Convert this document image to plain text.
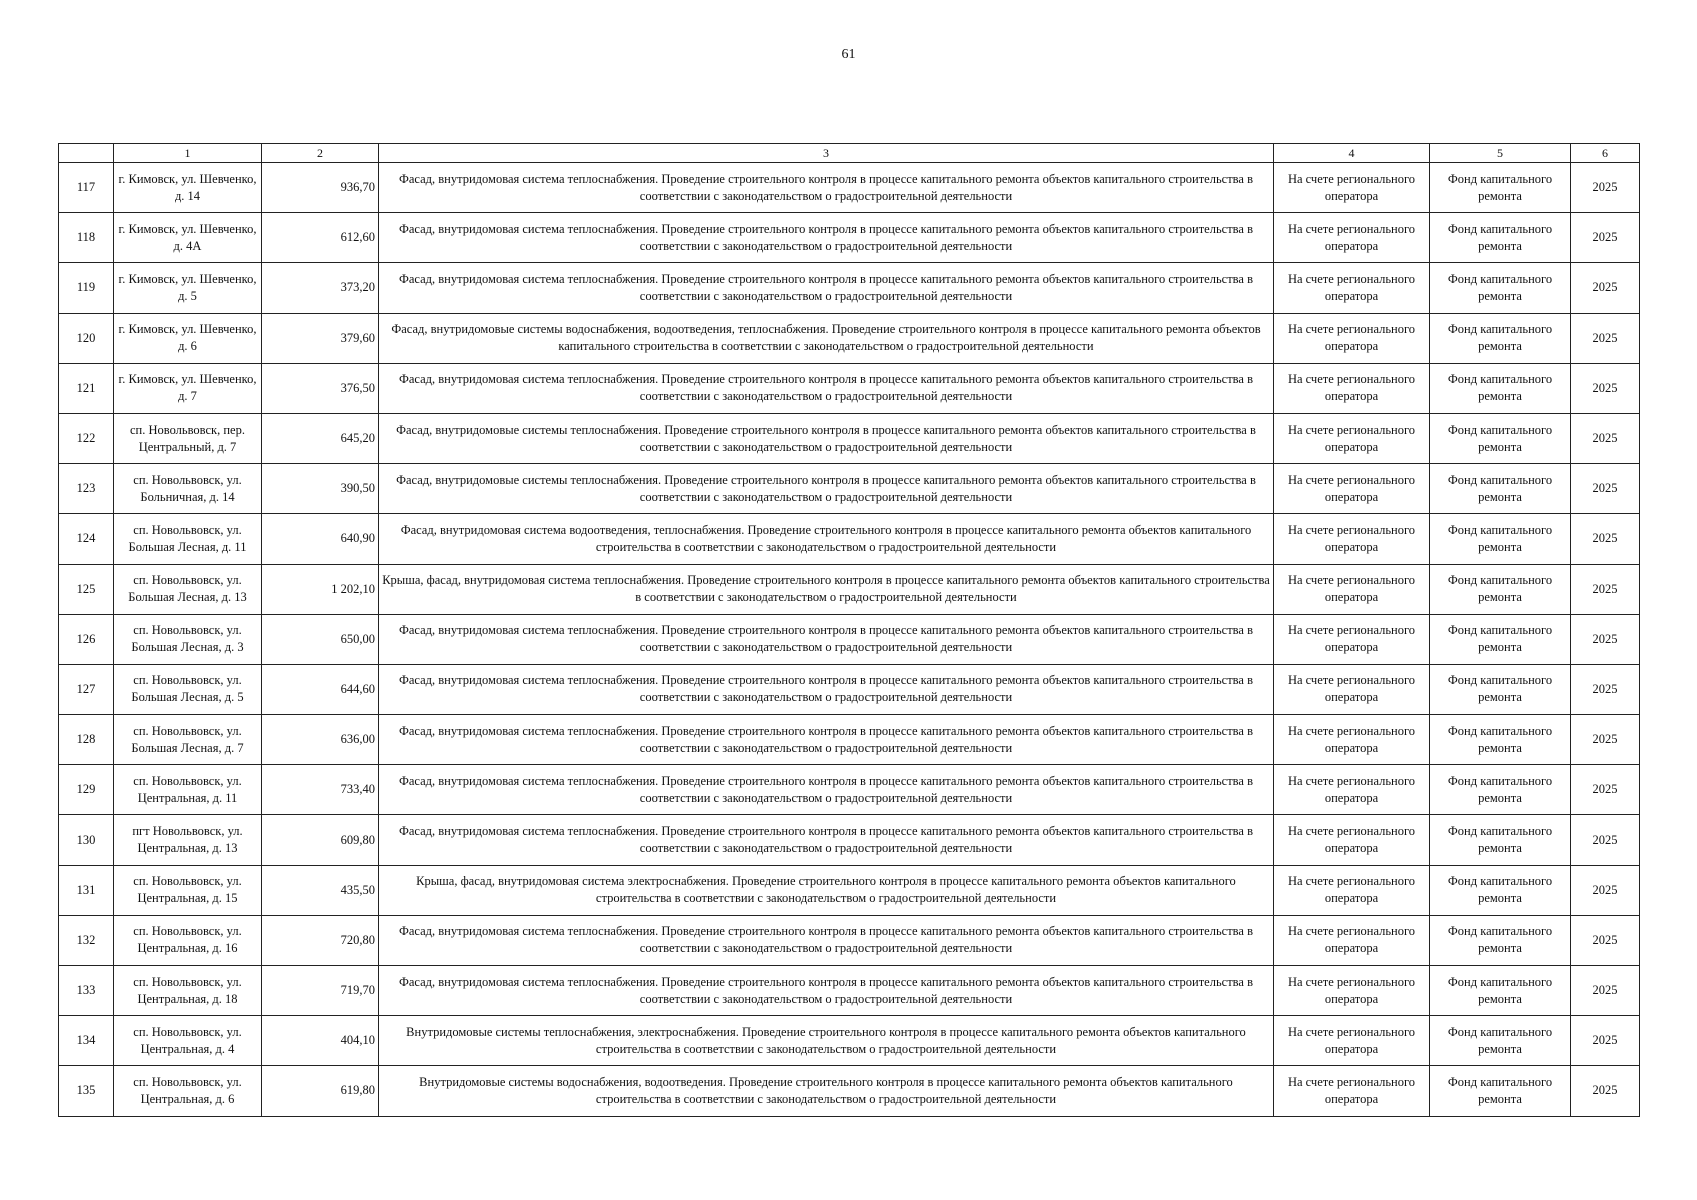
61
	1	2	3	4	5	6
117	г. Кимовск, ул. Шевченко, д. 14	936,70	Фасад, внутридомовая система теплоснабжения. Проведение строительного контроля в процессе капитального ремонта объектов капитального строительства в соответствии с законодательством о градостроительной деятельности	На счете регионального оператора	Фонд капитального ремонта	2025
118	г. Кимовск, ул. Шевченко, д. 4А	612,60	Фасад, внутридомовая система теплоснабжения. Проведение строительного контроля в процессе капитального ремонта объектов капитального строительства в соответствии с законодательством о градостроительной деятельности	На счете регионального оператора	Фонд капитального ремонта	2025
119	г. Кимовск, ул. Шевченко, д. 5	373,20	Фасад, внутридомовая система теплоснабжения. Проведение строительного контроля в процессе капитального ремонта объектов капитального строительства в соответствии с законодательством о градостроительной деятельности	На счете регионального оператора	Фонд капитального ремонта	2025
120	г. Кимовск, ул. Шевченко, д. 6	379,60	Фасад, внутридомовые системы водоснабжения, водоотведения, теплоснабжения. Проведение строительного контроля в процессе капитального ремонта объектов капитального строительства в соответствии с законодательством о градостроительной деятельности	На счете регионального оператора	Фонд капитального ремонта	2025
121	г. Кимовск, ул. Шевченко, д. 7	376,50	Фасад, внутридомовая система теплоснабжения. Проведение строительного контроля в процессе капитального ремонта объектов капитального строительства в соответствии с законодательством о градостроительной деятельности	На счете регионального оператора	Фонд капитального ремонта	2025
122	сп. Новольвовск, пер. Центральный, д. 7	645,20	Фасад, внутридомовые системы теплоснабжения. Проведение строительного контроля в процессе капитального ремонта объектов капитального строительства в соответствии с законодательством о градостроительной деятельности	На счете регионального оператора	Фонд капитального ремонта	2025
123	сп. Новольвовск, ул. Больничная, д. 14	390,50	Фасад, внутридомовые системы теплоснабжения. Проведение строительного контроля в процессе капитального ремонта объектов капитального строительства в соответствии с законодательством о градостроительной деятельности	На счете регионального оператора	Фонд капитального ремонта	2025
124	сп. Новольвовск, ул. Большая Лесная, д. 11	640,90	Фасад, внутридомовая система водоотведения, теплоснабжения. Проведение строительного контроля в процессе капитального ремонта объектов капитального строительства в соответствии с законодательством о градостроительной деятельности	На счете регионального оператора	Фонд капитального ремонта	2025
125	сп. Новольвовск, ул. Большая Лесная, д. 13	1 202,10	Крыша, фасад, внутридомовая система теплоснабжения. Проведение строительного контроля в процессе капитального ремонта объектов капитального строительства в соответствии с законодательством о градостроительной деятельности	На счете регионального оператора	Фонд капитального ремонта	2025
126	сп. Новольвовск, ул. Большая Лесная, д. 3	650,00	Фасад, внутридомовая система теплоснабжения. Проведение строительного контроля в процессе капитального ремонта объектов капитального строительства в соответствии с законодательством о градостроительной деятельности	На счете регионального оператора	Фонд капитального ремонта	2025
127	сп. Новольвовск, ул. Большая Лесная, д. 5	644,60	Фасад, внутридомовая система теплоснабжения. Проведение строительного контроля в процессе капитального ремонта объектов капитального строительства в соответствии с законодательством о градостроительной деятельности	На счете регионального оператора	Фонд капитального ремонта	2025
128	сп. Новольвовск, ул. Большая Лесная, д. 7	636,00	Фасад, внутридомовая система теплоснабжения. Проведение строительного контроля в процессе капитального ремонта объектов капитального строительства в соответствии с законодательством о градостроительной деятельности	На счете регионального оператора	Фонд капитального ремонта	2025
129	сп. Новольвовск, ул. Центральная, д. 11	733,40	Фасад, внутридомовая система теплоснабжения. Проведение строительного контроля в процессе капитального ремонта объектов капитального строительства в соответствии с законодательством о градостроительной деятельности	На счете регионального оператора	Фонд капитального ремонта	2025
130	пгт Новольвовск, ул. Центральная, д. 13	609,80	Фасад, внутридомовая система теплоснабжения. Проведение строительного контроля в процессе капитального ремонта объектов капитального строительства в соответствии с законодательством о градостроительной деятельности	На счете регионального оператора	Фонд капитального ремонта	2025
131	сп. Новольвовск, ул. Центральная, д. 15	435,50	Крыша, фасад, внутридомовая система электроснабжения. Проведение строительного контроля в процессе капитального ремонта объектов капитального строительства в соответствии с законодательством о градостроительной деятельности	На счете регионального оператора	Фонд капитального ремонта	2025
132	сп. Новольвовск, ул. Центральная, д. 16	720,80	Фасад, внутридомовая система теплоснабжения. Проведение строительного контроля в процессе капитального ремонта объектов капитального строительства в соответствии с законодательством о градостроительной деятельности	На счете регионального оператора	Фонд капитального ремонта	2025
133	сп. Новольвовск, ул. Центральная, д. 18	719,70	Фасад, внутридомовая система теплоснабжения. Проведение строительного контроля в процессе капитального ремонта объектов капитального строительства в соответствии с законодательством о градостроительной деятельности	На счете регионального оператора	Фонд капитального ремонта	2025
134	сп. Новольвовск, ул. Центральная, д. 4	404,10	Внутридомовые системы теплоснабжения, электроснабжения. Проведение строительного контроля в процессе капитального ремонта объектов капитального строительства в соответствии с законодательством о градостроительной деятельности	На счете регионального оператора	Фонд капитального ремонта	2025
135	сп. Новольвовск, ул. Центральная, д. 6	619,80	Внутридомовые системы водоснабжения, водоотведения. Проведение строительного контроля в процессе капитального ремонта объектов капитального строительства в соответствии с законодательством о градостроительной деятельности	На счете регионального оператора	Фонд капитального ремонта	2025
